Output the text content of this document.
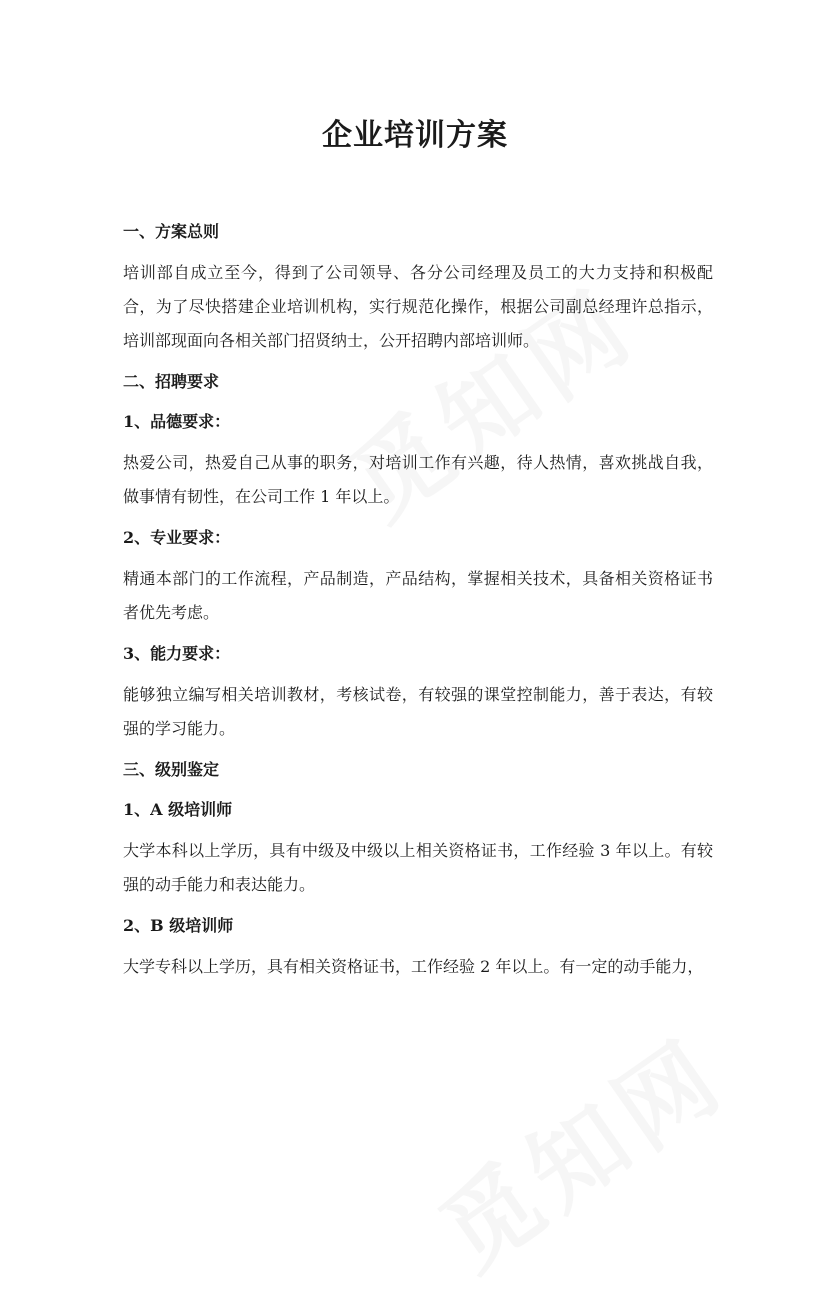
企业培训方案
一、方案总则
培训部自成立至今，得到了公司领导、各分公司经理及员工的大力支持和积极配合，为了尽快搭建企业培训机构，实行规范化操作，根据公司副总经理许总指示，培训部现面向各相关部门招贤纳士，公开招聘内部培训师。
二、招聘要求
1、品德要求：
热爱公司，热爱自己从事的职务，对培训工作有兴趣，待人热情，喜欢挑战自我，做事情有韧性，在公司工作 1 年以上。
2、专业要求：
精通本部门的工作流程，产品制造，产品结构，掌握相关技术，具备相关资格证书者优先考虑。
3、能力要求：
能够独立编写相关培训教材，考核试卷，有较强的课堂控制能力，善于表达，有较强的学习能力。
三、级别鉴定
1、A 级培训师
大学本科以上学历，具有中级及中级以上相关资格证书，工作经验 3 年以上。有较强的动手能力和表达能力。
2、B 级培训师
大学专科以上学历，具有相关资格证书，工作经验 2 年以上。有一定的动手能力，
